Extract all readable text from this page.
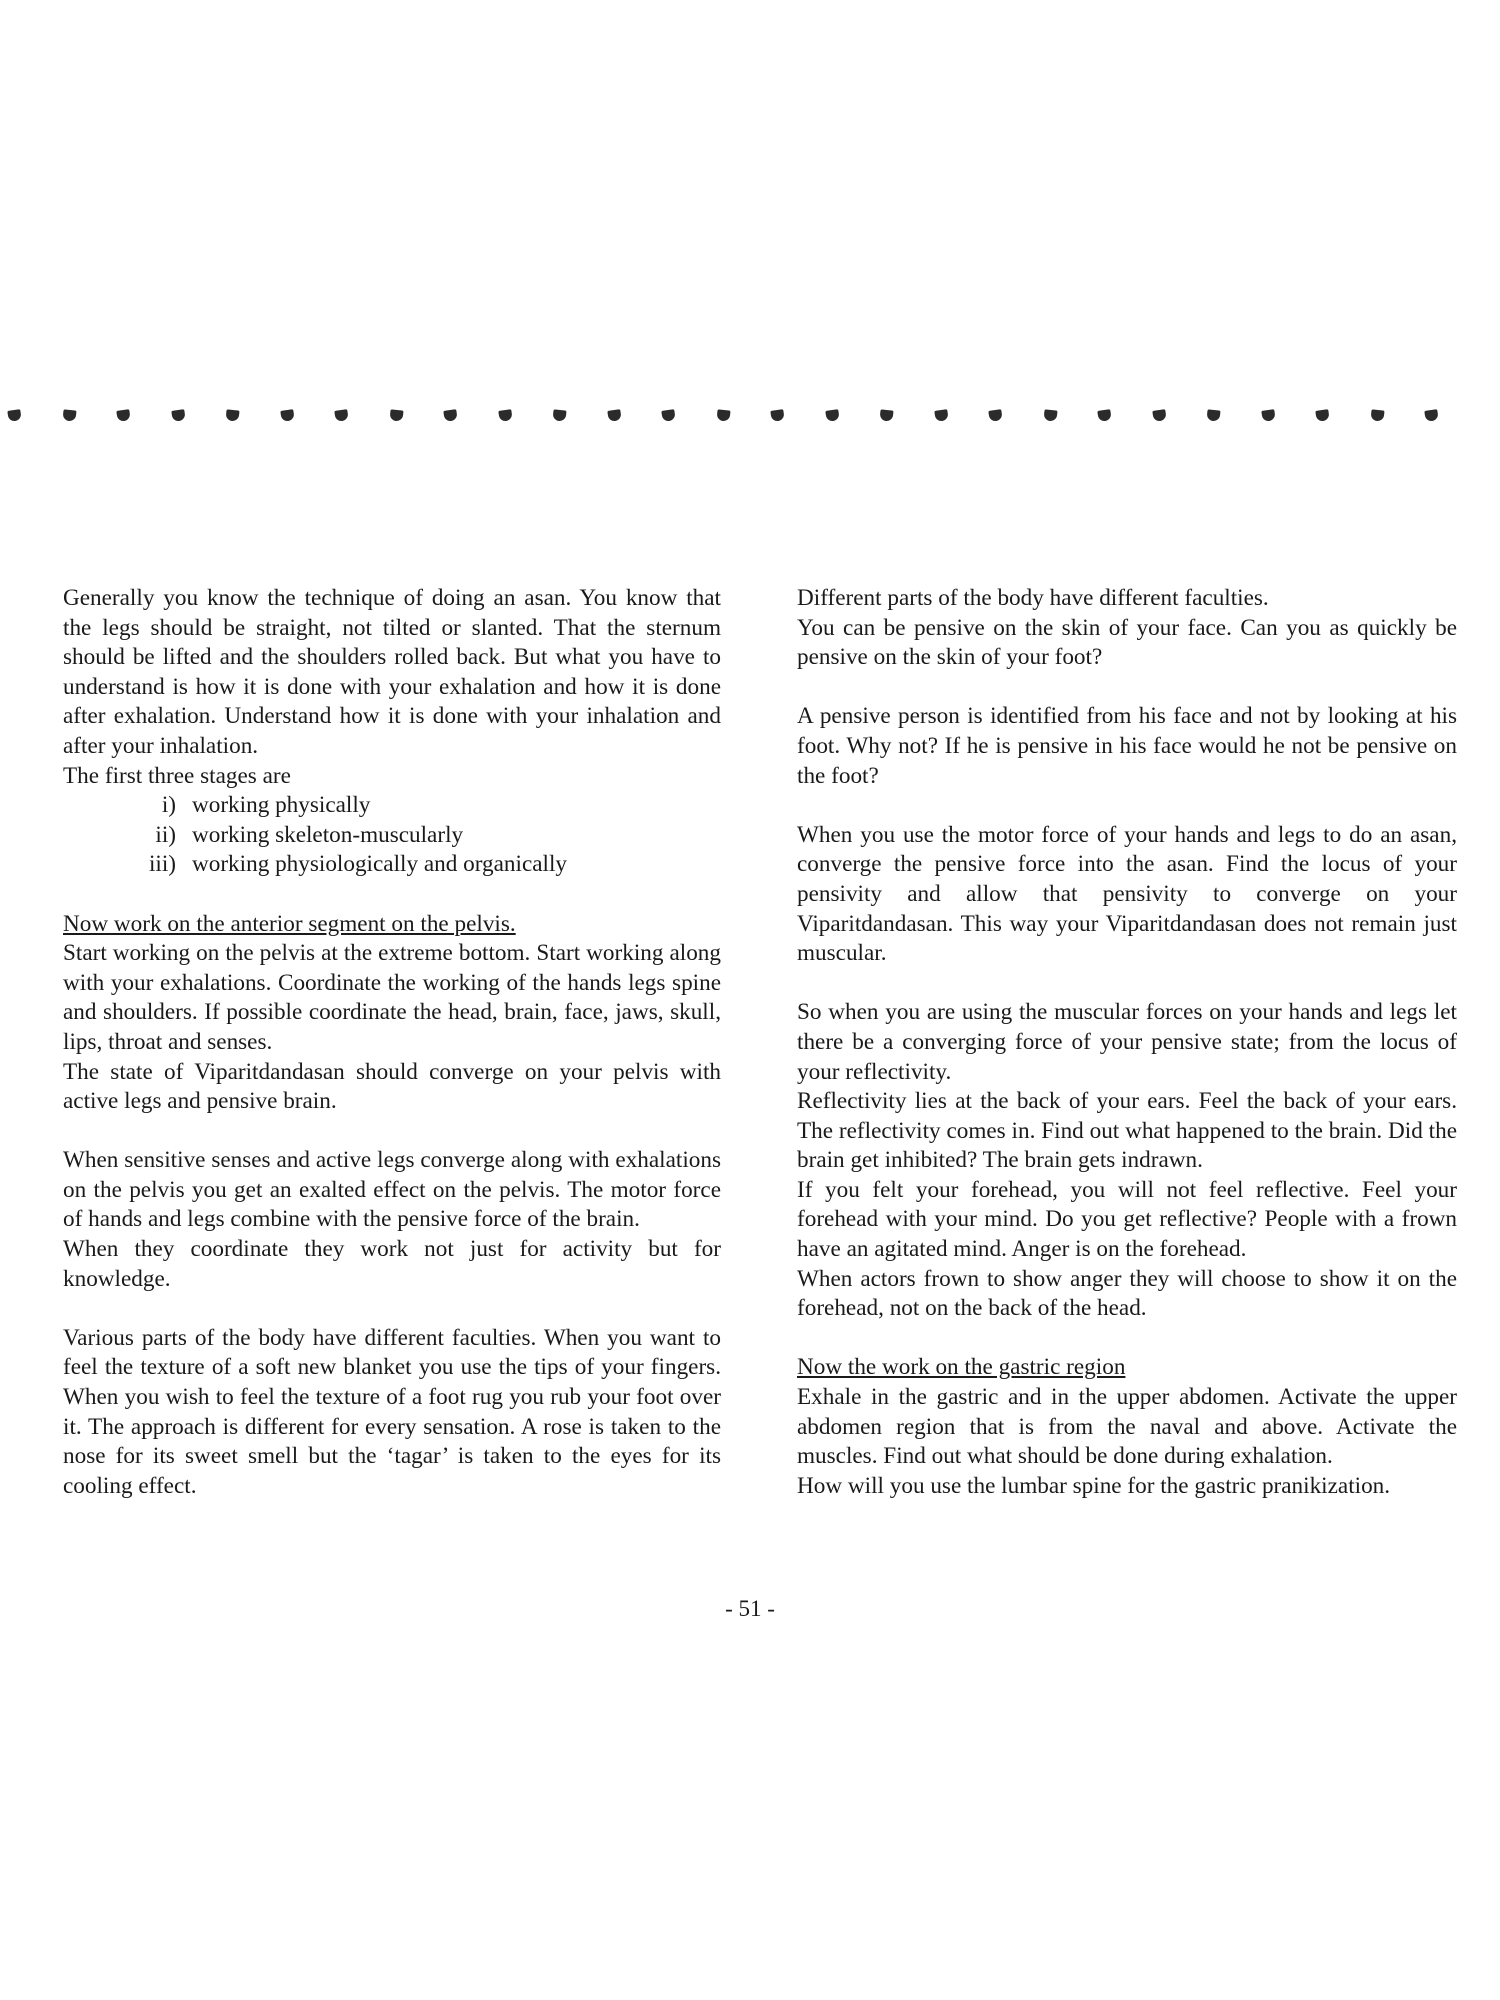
Generally you know the technique of doing an asan. You know that the legs should be straight, not tilted or slanted. That the sternum should be lifted and the shoulders rolled back. But what you have to understand is how it is done with your exhalation and how it is done after exhalation. Understand how it is done with your inhalation and after your inhalation.

The first three stages are

i) working physically
ii) working skeleton-muscularly
iii) working physiologically and organically

Now work on the anterior segment on the pelvis.

Start working on the pelvis at the extreme bottom. Start working along with your exhalations. Coordinate the working of the hands legs spine and shoulders. If possible coordinate the head, brain, face, jaws, skull, lips, throat and senses.

The state of Viparitdandasan should converge on your pelvis with active legs and pensive brain.

When sensitive senses and active legs converge along with exhalations on the pelvis you get an exalted effect on the pelvis. The motor force of hands and legs combine with the pensive force of the brain.

When they coordinate they work not just for activity but for knowledge.

Various parts of the body have different faculties. When you want to feel the texture of a soft new blanket you use the tips of your fingers. When you wish to feel the texture of a foot rug you rub your foot over it. The approach is different for every sensation. A rose is taken to the nose for its sweet smell but the ‘tagar’ is taken to the eyes for its cooling effect.

Different parts of the body have different faculties.

You can be pensive on the skin of your face. Can you as quickly be pensive on the skin of your foot?

A pensive person is identified from his face and not by looking at his foot. Why not? If he is pensive in his face would he not be pensive on the foot?

When you use the motor force of your hands and legs to do an asan, converge the pensive force into the asan. Find the locus of your pensivity and allow that pensivity to converge on your Viparitdandasan. This way your Viparitdandasan does not remain just muscular.

So when you are using the muscular forces on your hands and legs let there be a converging force of your pensive state; from the locus of your reflectivity.

Reflectivity lies at the back of your ears. Feel the back of your ears. The reflectivity comes in. Find out what happened to the brain. Did the brain get inhibited? The brain gets indrawn.

If you felt your forehead, you will not feel reflective. Feel your forehead with your mind. Do you get reflective? People with a frown have an agitated mind. Anger is on the forehead.

When actors frown to show anger they will choose to show it on the forehead, not on the back of the head.

Now the work on the gastric region

Exhale in the gastric and in the upper abdomen. Activate the upper abdomen region that is from the naval and above. Activate the muscles. Find out what should be done during exhalation.

How will you use the lumbar spine for the gastric pranikization.

- 51 -
